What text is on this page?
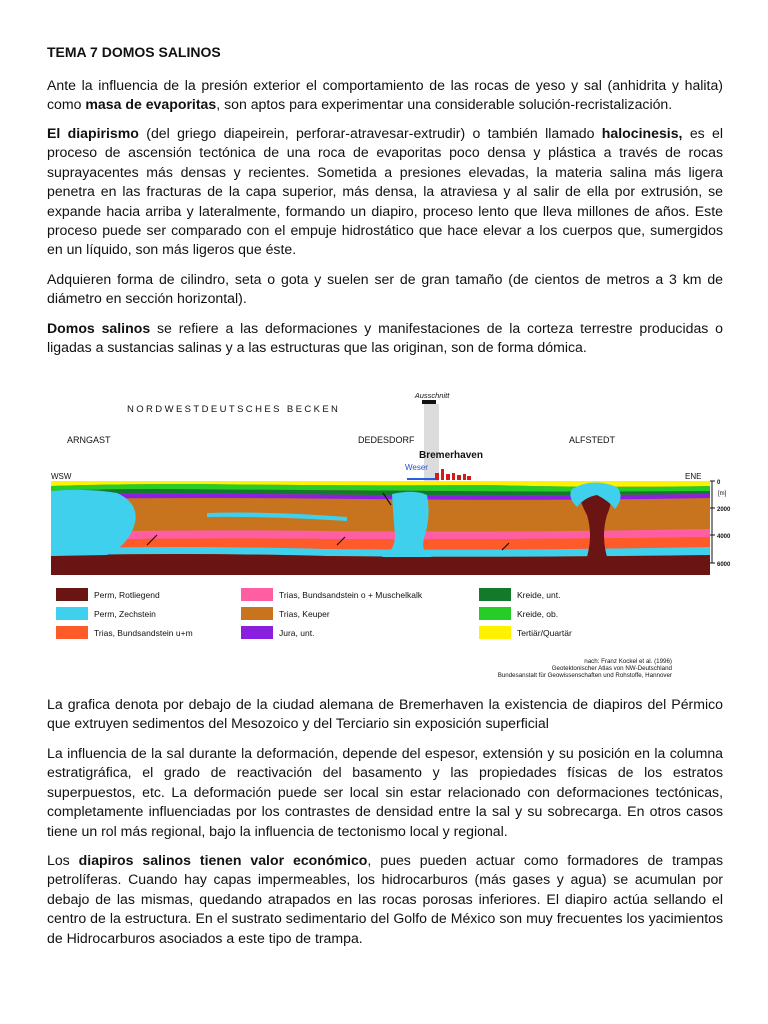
TEMA 7 DOMOS SALINOS

Ante la influencia de la presión exterior el comportamiento de las rocas de yeso y sal (anhidrita y halita) como masa de evaporitas, son aptos para experimentar una considerable solución-recristalización.

El diapirismo (del griego diapeirein, perforar-atravesar-extrudir) o también llamado halocinesis, es el proceso de ascensión tectónica de una roca de evaporitas poco densa y plástica a través de rocas suprayacentes más densas y recientes. Sometida a presiones elevadas, la materia salina más ligera penetra en las fracturas de la capa superior, más densa, la atraviesa y al salir de ella por extrusión, se expande hacia arriba y lateralmente, formando un diapiro, proceso lento que lleva millones de años. Este proceso puede ser comparado con el empuje hidrostático que hace elevar a los cuerpos que, sumergidos en un líquido, son más ligeros que éste.

Adquieren forma de cilindro, seta o gota y suelen ser de gran tamaño (de cientos de metros a 3 km de diámetro en sección horizontal).

Domos salinos se refiere a las deformaciones y manifestaciones de la corteza terrestre producidas o ligadas a sustancias salinas y a las estructuras que las originan, son de forma dómica.

Ausschnitt
NORDWESTDEUTSCHES BECKEN
ARNGAST	DEDESDORF	ALFSTEDT
Bremerhaven
Weser
WSW	ENE
0
[m]
2000
4000
6000
Perm, Rotliegend
Perm, Zechstein
Trias, Bundsandstein u+m
Trias, Bundsandstein o + Muschelkalk
Trias, Keuper
Jura, unt.
Kreide, unt.
Kreide, ob.
Tertiär/Quartär
nach: Franz Kockel et al. (1996)
Geotektonischer Atlas von NW-Deutschland
Bundesanstalt für Geowissenschaften und Rohstoffe, Hannover

La grafica denota por debajo de la ciudad alemana de Bremerhaven la existencia de diapiros del Pérmico que extruyen sedimentos del Mesozoico y del Terciario sin exposición superficial

La influencia de la sal durante la deformación, depende del espesor, extensión y su posición en la columna estratigráfica, el grado de reactivación del basamento y las propiedades físicas de los estratos superpuestos, etc. La deformación puede ser local sin estar relacionado con deformaciones tectónicas, completamente influenciadas por los contrastes de densidad entre la sal y su sobrecarga. En otros casos tiene un rol más regional, bajo la influencia de tectonismo local y regional.

Los diapiros salinos tienen valor económico, pues pueden actuar como formadores de trampas petrolíferas. Cuando hay capas impermeables, los hidrocarburos (más gases y agua) se acumulan por debajo de las mismas, quedando atrapados en las rocas porosas inferiores. El diapiro actúa sellando el centro de la estructura. En el sustrato sedimentario del Golfo de México son muy frecuentes los yacimientos de Hidrocarburos asociados a este tipo de trampa.
